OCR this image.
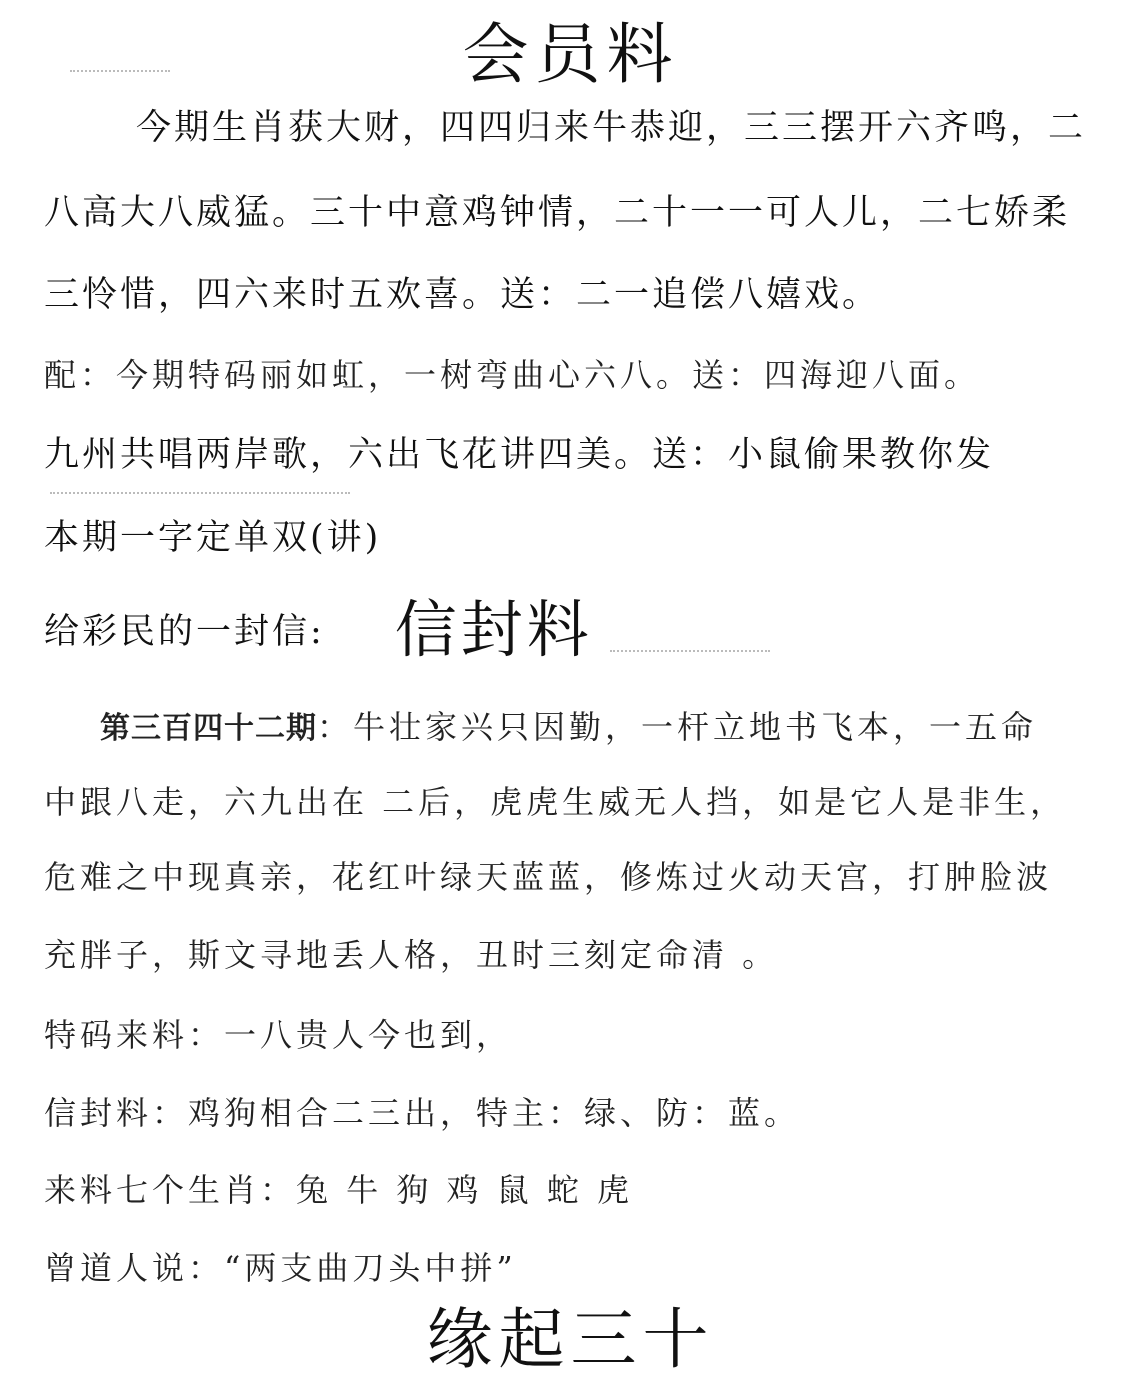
会员料
今期生肖获大财，四四归来牛恭迎，三三摆开六齐鸣，二
八高大八威猛。三十中意鸡钟情，二十一一可人儿，二七娇柔
三怜惜，四六来时五欢喜。送：二一追偿八嬉戏。
配：今期特码丽如虹，一树弯曲心六八。送：四海迎八面。
九州共唱两岸歌，六出飞花讲四美。送：小鼠偷果教你发
本期一字定单双(讲)
给彩民的一封信: 信封料
第三百四十二期：牛壮家兴只因勤，一杆立地书飞本，一五命
中跟八走，六九出在 二后，虎虎生威无人挡，如是它人是非生，
危难之中现真亲，花红叶绿天蓝蓝，修炼过火动天宫，打肿脸波
充胖子，斯文寻地丢人格，丑时三刻定命清 。
特码来料：一八贵人今也到，
信封料：鸡狗相合二三出，特主：绿、防：蓝。
来料七个生肖：兔 牛 狗 鸡 鼠 蛇 虎
曾道人说：“两支曲刀头中拼”
缘起三十
